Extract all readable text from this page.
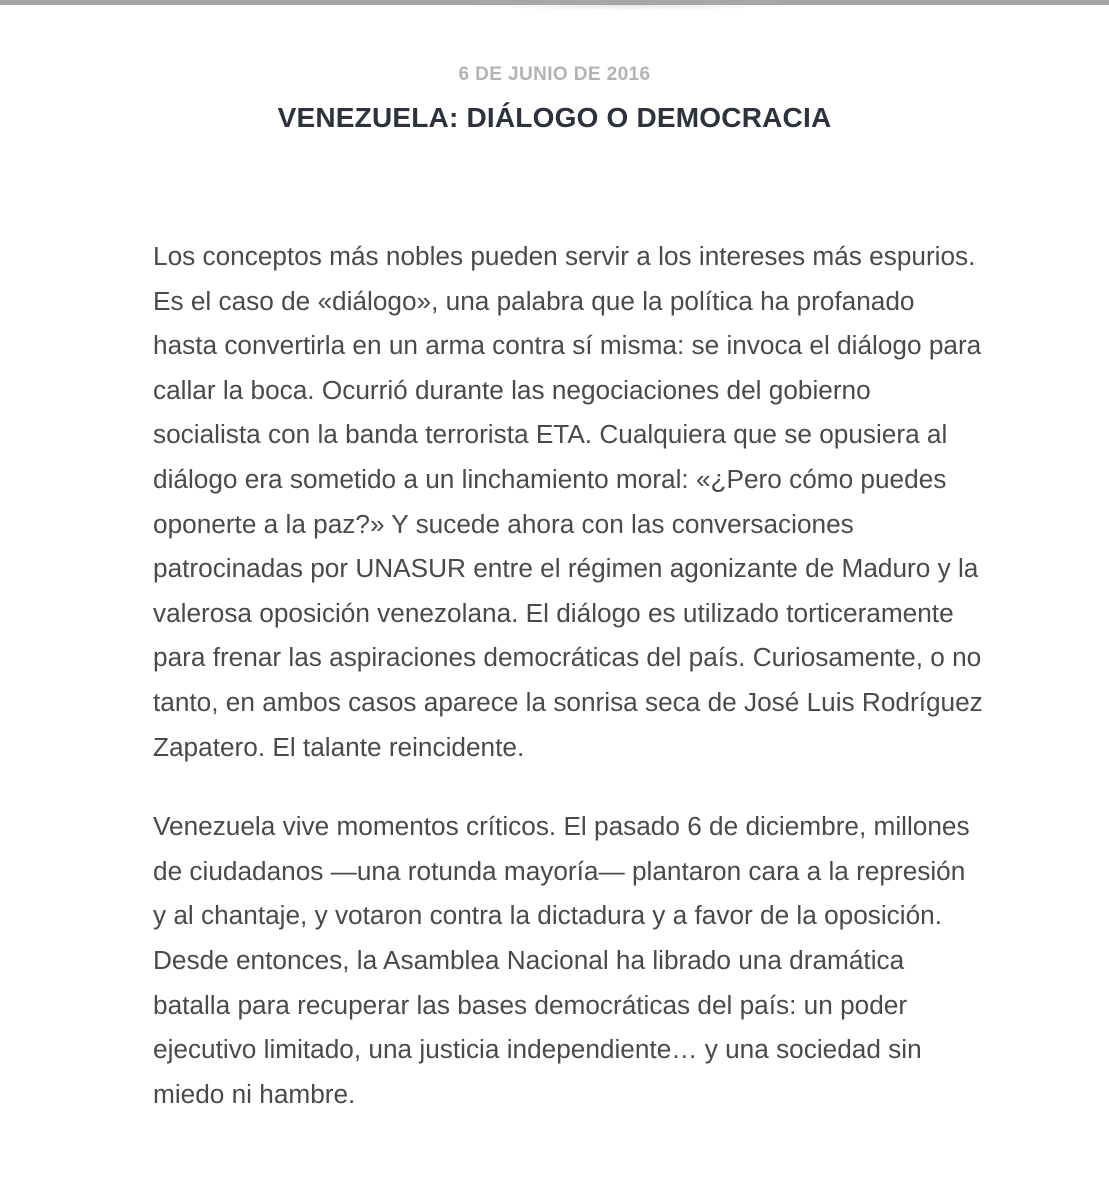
6 DE JUNIO DE 2016
VENEZUELA: DIÁLOGO O DEMOCRACIA

Los conceptos más nobles pueden servir a los intereses más espurios. Es el caso de «diálogo», una palabra que la política ha profanado hasta convertirla en un arma contra sí misma: se invoca el diálogo para callar la boca. Ocurrió durante las negociaciones del gobierno socialista con la banda terrorista ETA. Cualquiera que se opusiera al diálogo era sometido a un linchamiento moral: «¿Pero cómo puedes oponerte a la paz?» Y sucede ahora con las conversaciones patrocinadas por UNASUR entre el régimen agonizante de Maduro y la valerosa oposición venezolana. El diálogo es utilizado torticeramente para frenar las aspiraciones democráticas del país. Curiosamente, o no tanto, en ambos casos aparece la sonrisa seca de José Luis Rodríguez Zapatero. El talante reincidente.

Venezuela vive momentos críticos. El pasado 6 de diciembre, millones de ciudadanos —una rotunda mayoría— plantaron cara a la represión y al chantaje, y votaron contra la dictadura y a favor de la oposición. Desde entonces, la Asamblea Nacional ha librado una dramática batalla para recuperar las bases democráticas del país: un poder ejecutivo limitado, una justicia independiente… y una sociedad sin miedo ni hambre.
